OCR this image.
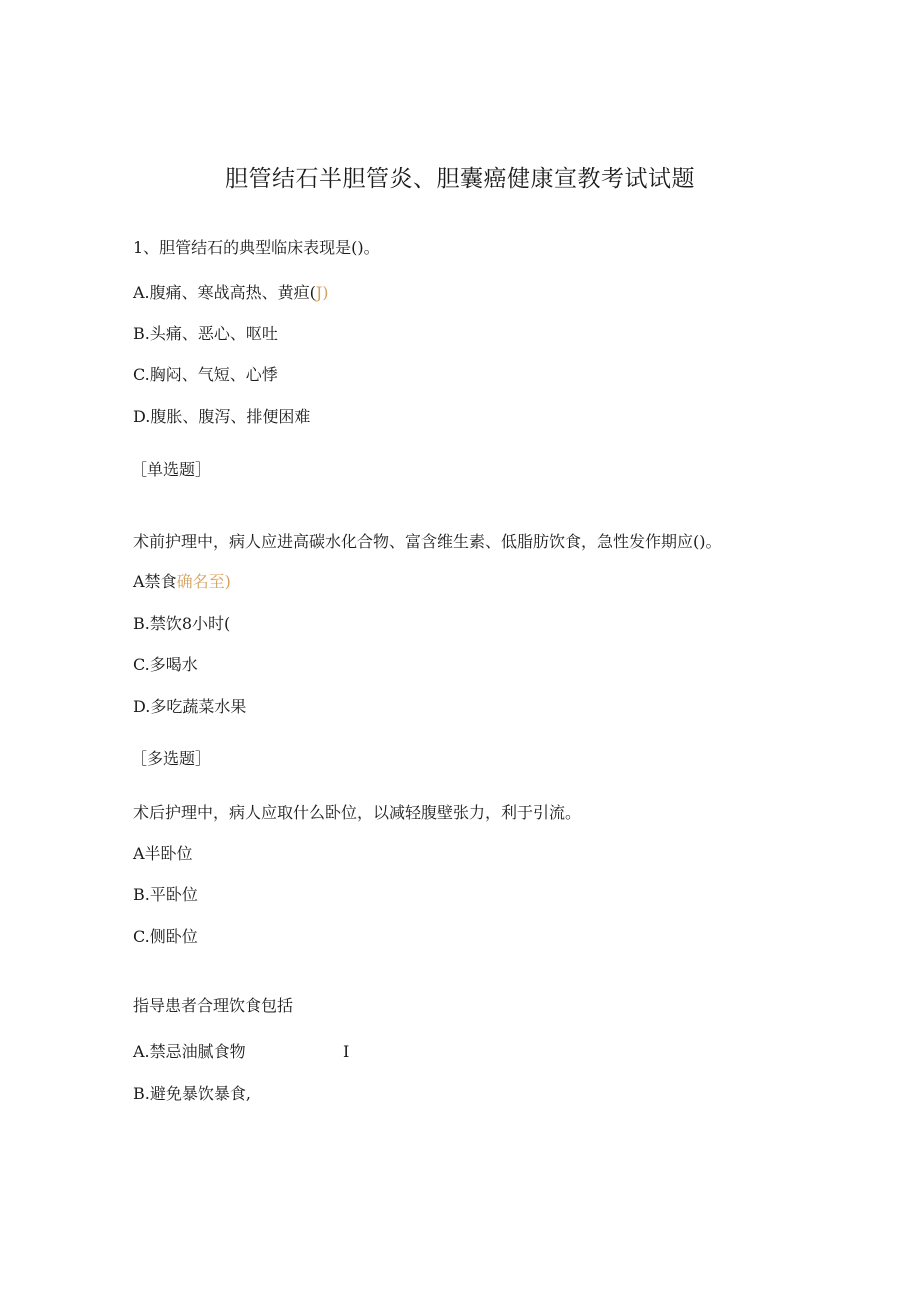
胆管结石半胆管炎、胆囊癌健康宣教考试试题
1、胆管结石的典型临床表现是()。
A.腹痛、寒战高热、黄疸(J)
B.头痛、恶心、呕吐
C.胸闷、气短、心悸
D.腹胀、腹泻、排便困难
［单选题］
术前护理中，病人应进高碳水化合物、富含维生素、低脂肪饮食，急性发作期应()。
A禁食确名至)
B.禁饮8小时(
C.多喝水
D.多吃蔬菜水果
［多选题］
术后护理中，病人应取什么卧位，以减轻腹壁张力，利于引流。
A半卧位
B.平卧位
C.侧卧位
指导患者合理饮食包括
A.禁忌油腻食物	I
B.避免暴饮暴食,
